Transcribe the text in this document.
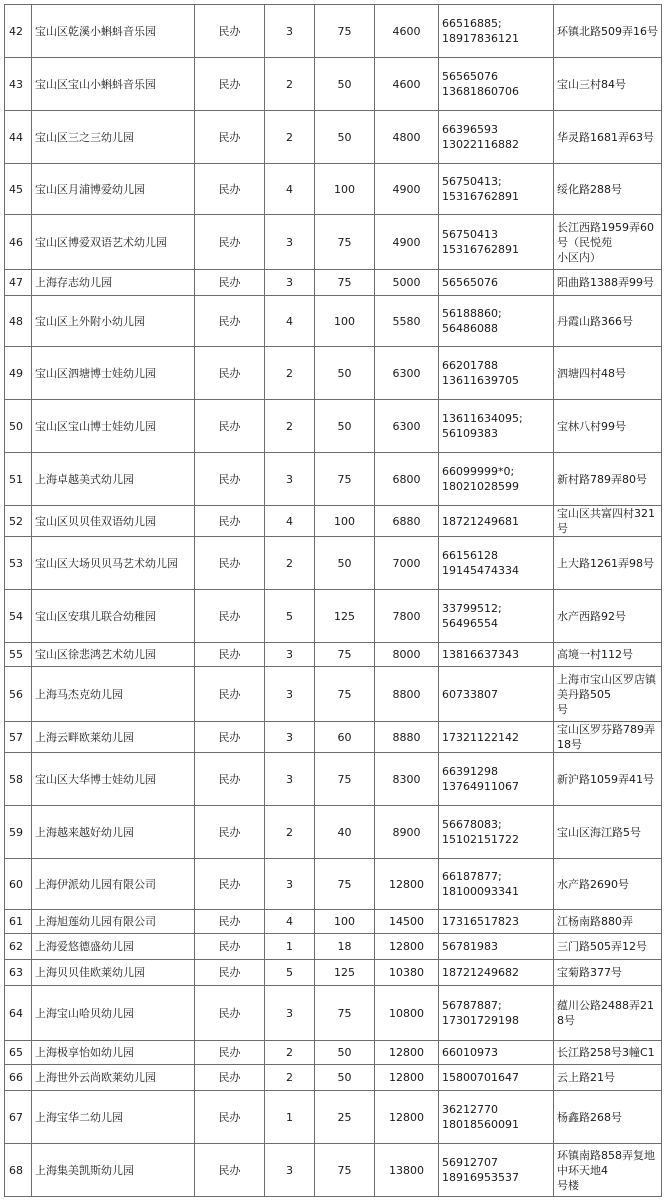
42	宝山区乾溪小蝌蚪音乐园	民办	3	75	4600	66516885;
18917836121	环镇北路509弄16号

43	宝山区宝山小蝌蚪音乐园	民办	2	50	4600	56565076
13681860706	宝山三村84号

44	宝山区三之三幼儿园	民办	2	50	4800	66396593
13022116882	华灵路1681弄63号

45	宝山区月浦博爱幼儿园	民办	4	100	4900	56750413;
15316762891	绥化路288号

46	宝山区博爱双语艺术幼儿园	民办	3	75	4900	56750413
15316762891	长江西路1959弄60号（民悦苑
小区内）

47	上海存志幼儿园	民办	3	75	5000	56565076	阳曲路1388弄99号

48	宝山区上外附小幼儿园	民办	4	100	5580	56188860;
56486088	丹霞山路366号

49	宝山区泗塘博士娃幼儿园	民办	2	50	6300	66201788
13611639705	泗塘四村48号

50	宝山区宝山博士娃幼儿园	民办	2	50	6300	13611634095;
56109383	宝林八村99号

51	上海卓越美式幼儿园	民办	3	75	6800	66099999*0;
18021028599	新村路789弄80号

52	宝山区贝贝佳双语幼儿园	民办	4	100	6880	18721249681	宝山区共富四村321号

53	宝山区大场贝贝马艺术幼儿园	民办	2	50	7000	66156128
19145474334	上大路1261弄98号

54	宝山区安琪儿联合幼稚园	民办	5	125	7800	33799512;
56496554	水产西路92号

55	宝山区徐悲鸿艺术幼儿园	民办	3	75	8000	13816637343	高境一村112号

56	上海马杰克幼儿园	民办	3	75	8800	60733807	上海市宝山区罗店镇美丹路505
号

57	上海云畔欧莱幼儿园	民办	3	60	8880	17321122142	宝山区罗芬路789弄18号

58	宝山区大华博士娃幼儿园	民办	3	75	8300	66391298
13764911067	新沪路1059弄41号

59	上海越来越好幼儿园	民办	2	40	8900	56678083;
15102151722	宝山区海江路5号

60	上海伊派幼儿园有限公司	民办	3	75	12800	66187877;
18100093341	水产路2690号

61	上海旭莲幼儿园有限公司	民办	4	100	14500	17316517823	江杨南路880弄

62	上海爱悠德盛幼儿园	民办	1	18	12800	56781983	三门路505弄12号

63	上海贝贝佳欧莱幼儿园	民办	5	125	10380	18721249682	宝菊路377号

64	上海宝山哈贝幼儿园	民办	3	75	10800	56787887;
17301729198	蕴川公路2488弄218号

65	上海极享怡如幼儿园	民办	2	50	12800	66010973	长江路258号3幢C1

66	上海世外云尚欧莱幼儿园	民办	2	50	12800	15800701647	云上路21号

67	上海宝华二幼儿园	民办	1	25	12800	36212770
18018560091	杨鑫路268号

68	上海集美凯斯幼儿园	民办	3	75	13800	56912707
18916953537	环镇南路858弄复地中环天地4
号楼
